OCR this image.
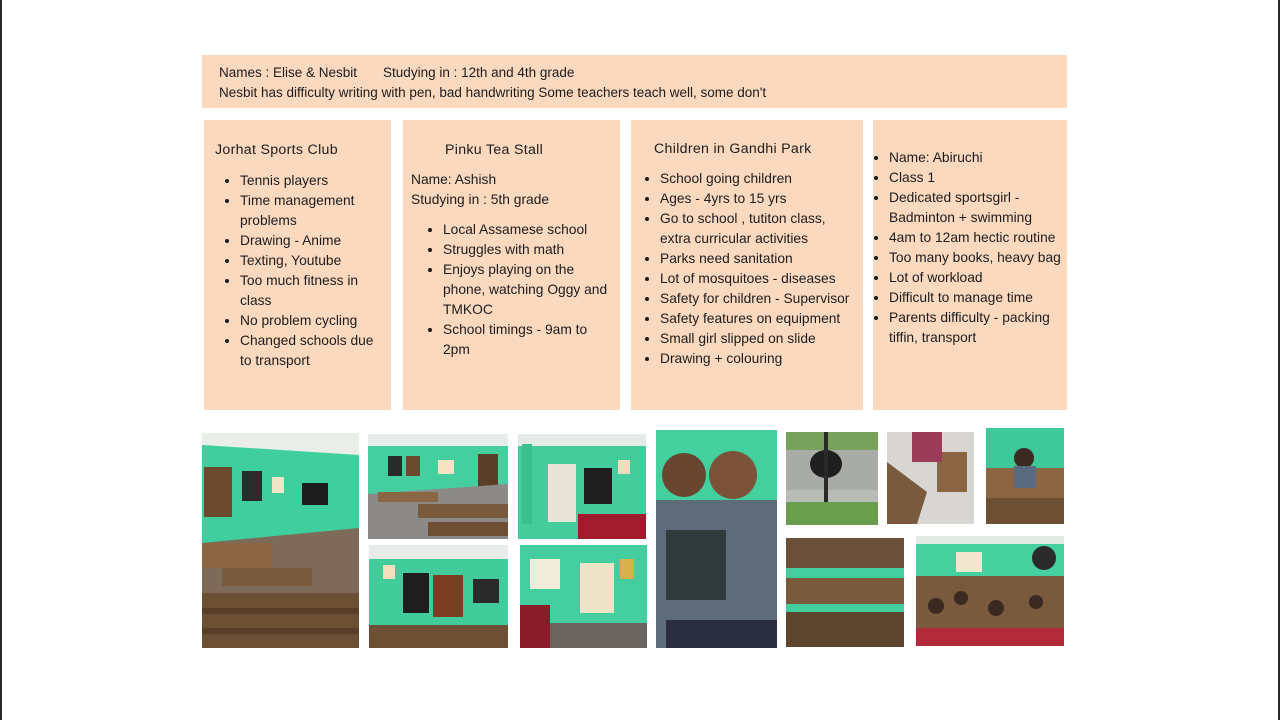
Names : Elise & Nesbit Studying in : 12th and 4th grade
Nesbit has difficulty writing with pen, bad handwriting Some teachers teach well, some don't
Jorhat Sports Club
• Tennis players
• Time management problems
• Drawing - Anime
• Texting, Youtube
• Too much fitness in class
• No problem cycling
• Changed schools due to transport
Pinku Tea Stall

Name: Ashish

Studying in : 5th grade

• Local Assamese school
• Struggles with math
• Enjoys playing on the phone, watching Oggy and TMKOC
• School timings - 9am to 2pm
Children in Gandhi Park
• School going children
• Ages - 4yrs to 15 yrs
• Go to school , tutiton class, extra curricular activities
• Parks need sanitation
• Lot of mosquitoes - diseases
• Safety for children - Supervisor
• Safety features on equipment
• Small girl slipped on slide
• Drawing + colouring
• Name: Abiruchi
• Class 1
• Dedicated sportsgirl - Badminton + swimming
• 4am to 12am hectic routine
• Too many books, heavy bag
• Lot of workload
• Difficult to manage time
• Parents difficulty - packing tiffin, transport
